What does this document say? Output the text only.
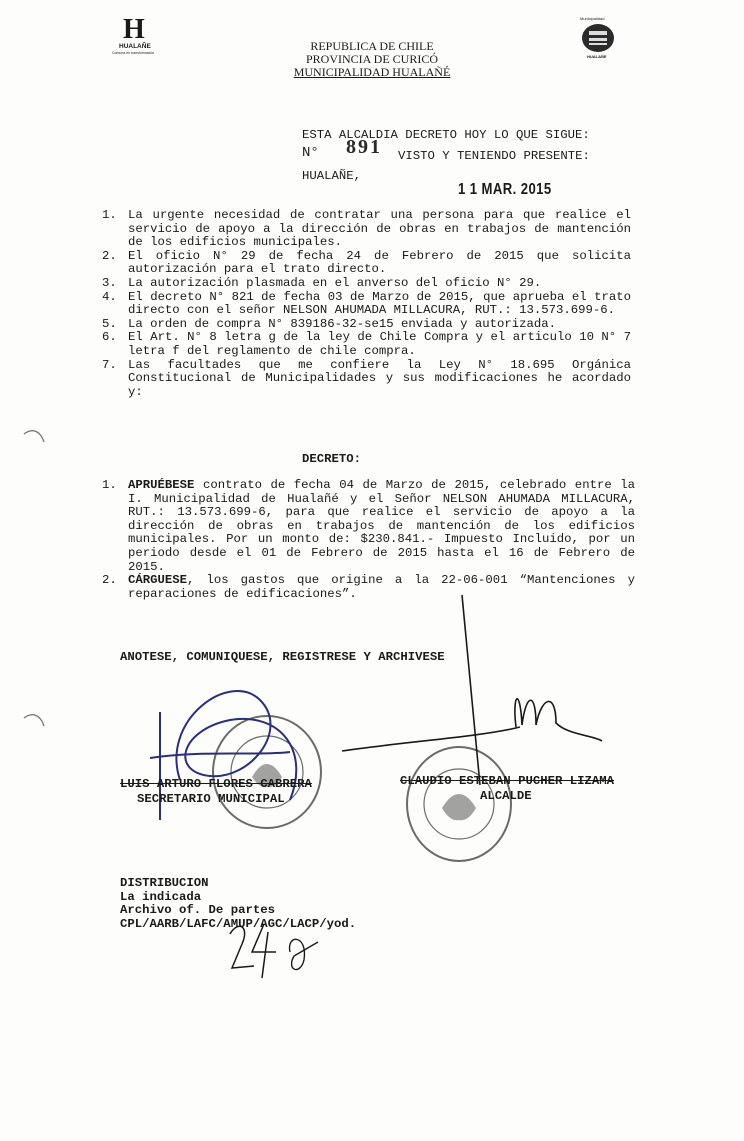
H
HUALAÑE
Comuna en transformación	REPUBLICA DE CHILE
PROVINCIA DE CURICÓ
MUNICIPALIDAD HUALAÑÉ
Municipalidad
HUALAÑE
ESTA ALCALDIA DECRETO HOY LO QUE SIGUE:
N° 891 VISTO Y TENIENDO PRESENTE:
HUALAÑE,
1 1 MAR. 2015
1. La urgente necesidad de contratar una persona para que realice el servicio de apoyo a la dirección de obras en trabajos de mantención de los edificios municipales.
2. El oficio N° 29 de fecha 24 de Febrero de 2015 que solicita autorización para el trato directo.
3. La autorización plasmada en el anverso del oficio N° 29.
4. El decreto N° 821 de fecha 03 de Marzo de 2015, que aprueba el trato directo con el señor NELSON AHUMADA MILLACURA, RUT.: 13.573.699-6.
5. La orden de compra N° 839186-32-se15 enviada y autorizada.
6. El Art. N° 8 letra g de la ley de Chile Compra y el articulo 10 N° 7 letra f del reglamento de chile compra.
7. Las facultades que me confiere la Ley N° 18.695 Orgánica Constitucional de Municipalidades y sus modificaciones he acordado y:
DECRETO:
1. APRUÉBESE contrato de fecha 04 de Marzo de 2015, celebrado entre la I. Municipalidad de Hualañé y el Señor NELSON AHUMADA MILLACURA, RUT.: 13.573.699-6, para que realice el servicio de apoyo a la dirección de obras en trabajos de mantención de los edificios municipales. Por un monto de: $230.841.- Impuesto Incluido, por un periodo desde el 01 de Febrero de 2015 hasta el 16 de Febrero de 2015.
2. CÁRGUESE, los gastos que origine a la 22-06-001 “Mantenciones y reparaciones de edificaciones”.
ANOTESE, COMUNIQUESE, REGISTRESE Y ARCHIVESE
LUIS ARTURO FLORES CABRERA
SECRETARIO MUNICIPAL
CLAUDIO ESTEBAN PUCHER LIZAMA
ALCALDE
DISTRIBUCION
La indicada
Archivo of. De partes
CPL/AARB/LAFC/AMUP/AGC/LACP/yod.
